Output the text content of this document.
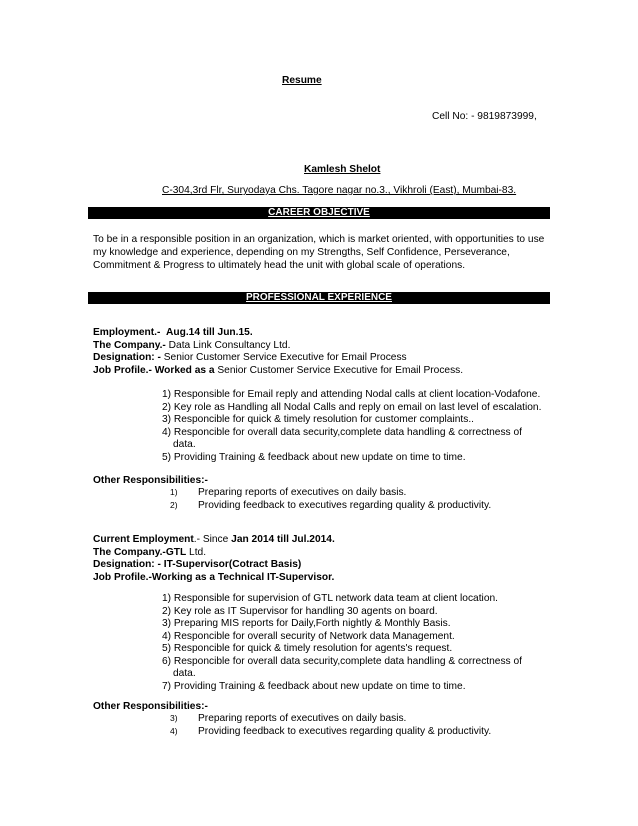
Resume
Cell No: - 9819873999,
Kamlesh Shelot
C-304,3rd Flr, Suryodaya Chs. Tagore nagar no.3., Vikhroli (East), Mumbai-83.
CAREER OBJECTIVE
To be in a responsible position in an organization, which is market oriented, with opportunities to use my knowledge and experience, depending on my Strengths, Self Confidence, Perseverance, Commitment & Progress to ultimately head the unit with global scale of operations.
PROFESSIONAL EXPERIENCE
Employment.- Aug.14 till Jun.15.
The Company.- Data Link Consultancy Ltd.
Designation: - Senior Customer Service Executive for Email Process
Job Profile.- Worked as a Senior Customer Service Executive for Email Process.
1) Responsible for Email reply and attending Nodal calls at client location-Vodafone.
2) Key role as Handling all Nodal Calls and reply on email on last level of escalation.
3) Responcible for quick & timely resolution for customer complaints..
4) Responcible for overall data security,complete data handling & correctness of
data.
5) Providing Training & feedback about new update on time to time.
Other Responsibilities:-
1) Preparing reports of executives on daily basis.
2) Providing feedback to executives regarding quality & productivity.
Current Employment.- Since Jan 2014 till Jul.2014.
The Company.-GTL Ltd.
Designation: - IT-Supervisor(Cotract Basis)
Job Profile.-Working as a Technical IT-Supervisor.
1) Responsible for supervision of GTL network data team at client location.
2) Key role as IT Supervisor for handling 30 agents on board.
3) Preparing MIS reports for Daily,Forth nightly & Monthly Basis.
4) Responcible for overall security of Network data Management.
5) Responcible for quick & timely resolution for agents's request.
6) Responcible for overall data security,complete data handling & correctness of
data.
7) Providing Training & feedback about new update on time to time.
Other Responsibilities:-
3) Preparing reports of executives on daily basis.
4) Providing feedback to executives regarding quality & productivity.
